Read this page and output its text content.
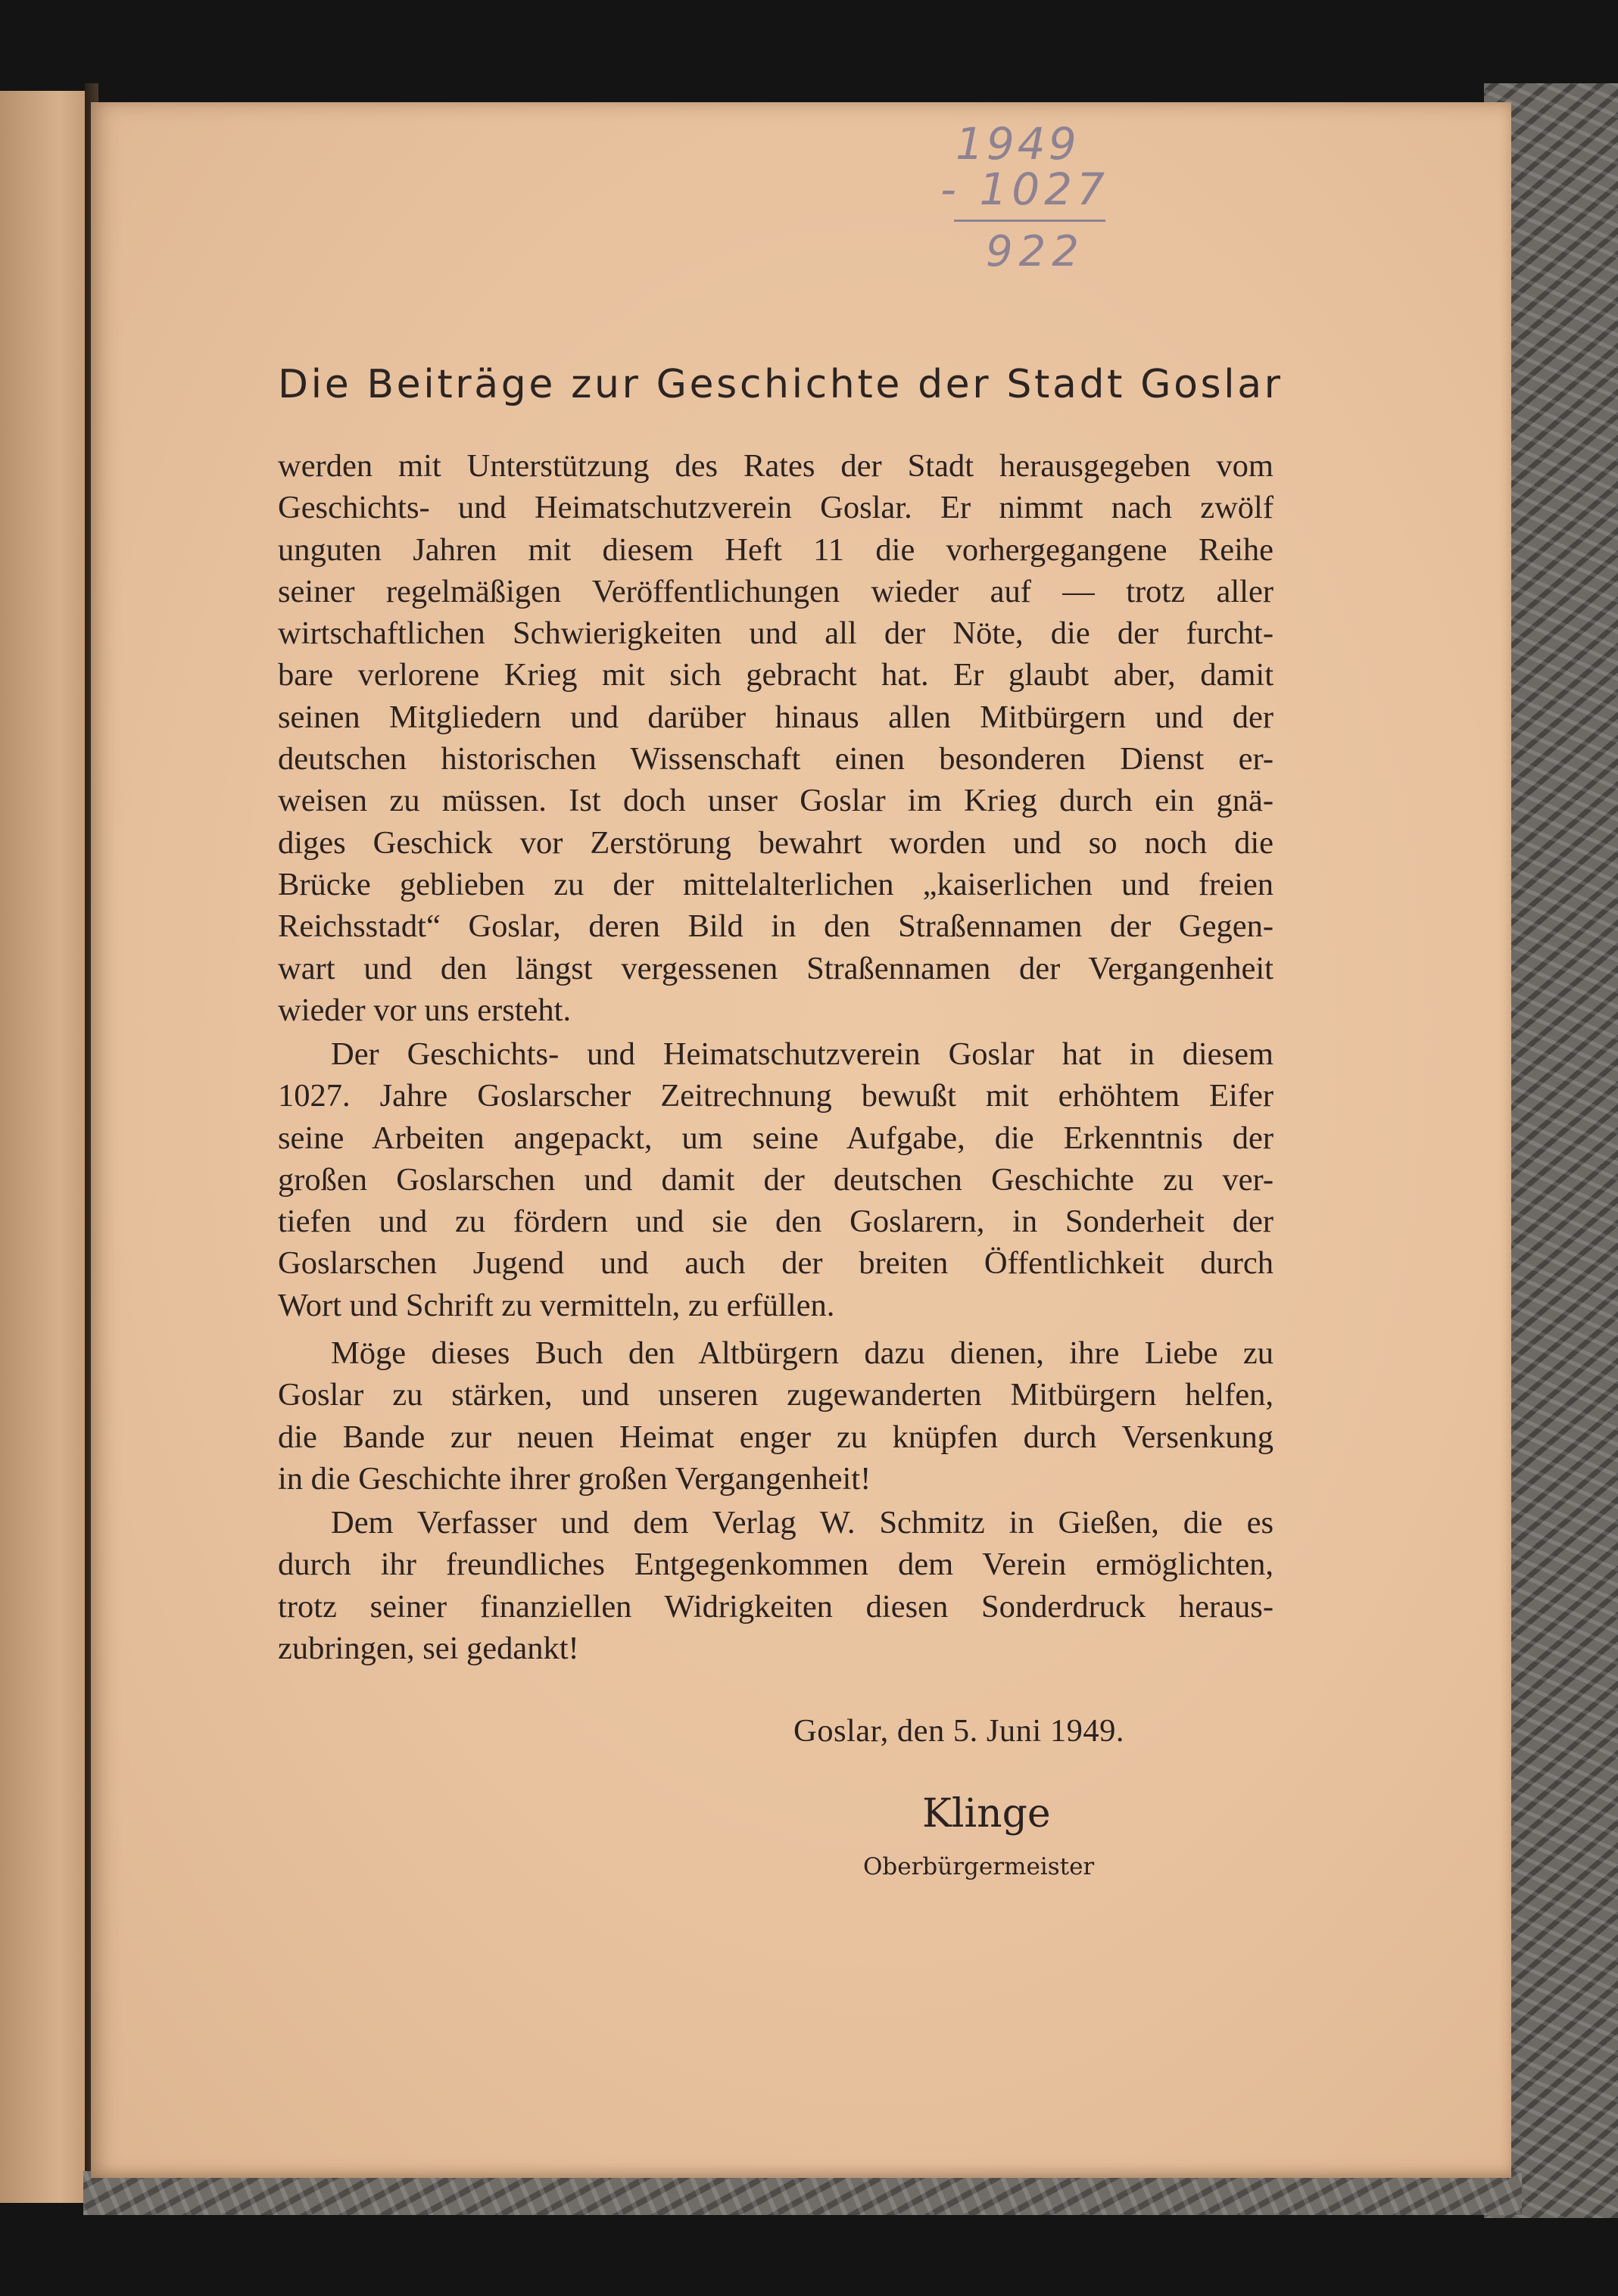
1949
- 1027
922
Die Beiträge zur Geschichte der Stadt Goslar
werden mit Unterstützung des Rates der Stadt herausgegeben vom
Geschichts- und Heimatschutzverein Goslar. Er nimmt nach zwölf
unguten Jahren mit diesem Heft 11 die vorhergegangene Reihe
seiner regelmäßigen Veröffentlichungen wieder auf — trotz aller
wirtschaftlichen Schwierigkeiten und all der Nöte, die der furcht-
bare verlorene Krieg mit sich gebracht hat. Er glaubt aber, damit
seinen Mitgliedern und darüber hinaus allen Mitbürgern und der
deutschen historischen Wissenschaft einen besonderen Dienst er-
weisen zu müssen. Ist doch unser Goslar im Krieg durch ein gnä-
diges Geschick vor Zerstörung bewahrt worden und so noch die
Brücke geblieben zu der mittelalterlichen „kaiserlichen und freien
Reichsstadt“ Goslar, deren Bild in den Straßennamen der Gegen-
wart und den längst vergessenen Straßennamen der Vergangenheit
wieder vor uns ersteht.
Der Geschichts- und Heimatschutzverein Goslar hat in diesem
1027. Jahre Goslarscher Zeitrechnung bewußt mit erhöhtem Eifer
seine Arbeiten angepackt, um seine Aufgabe, die Erkenntnis der
großen Goslarschen und damit der deutschen Geschichte zu ver-
tiefen und zu fördern und sie den Goslarern, in Sonderheit der
Goslarschen Jugend und auch der breiten Öffentlichkeit durch
Wort und Schrift zu vermitteln, zu erfüllen.
Möge dieses Buch den Altbürgern dazu dienen, ihre Liebe zu
Goslar zu stärken, und unseren zugewanderten Mitbürgern helfen,
die Bande zur neuen Heimat enger zu knüpfen durch Versenkung
in die Geschichte ihrer großen Vergangenheit!
Dem Verfasser und dem Verlag W. Schmitz in Gießen, die es
durch ihr freundliches Entgegenkommen dem Verein ermöglichten,
trotz seiner finanziellen Widrigkeiten diesen Sonderdruck heraus-
zubringen, sei gedankt!
Goslar, den 5. Juni 1949.
Klinge
Oberbürgermeister
